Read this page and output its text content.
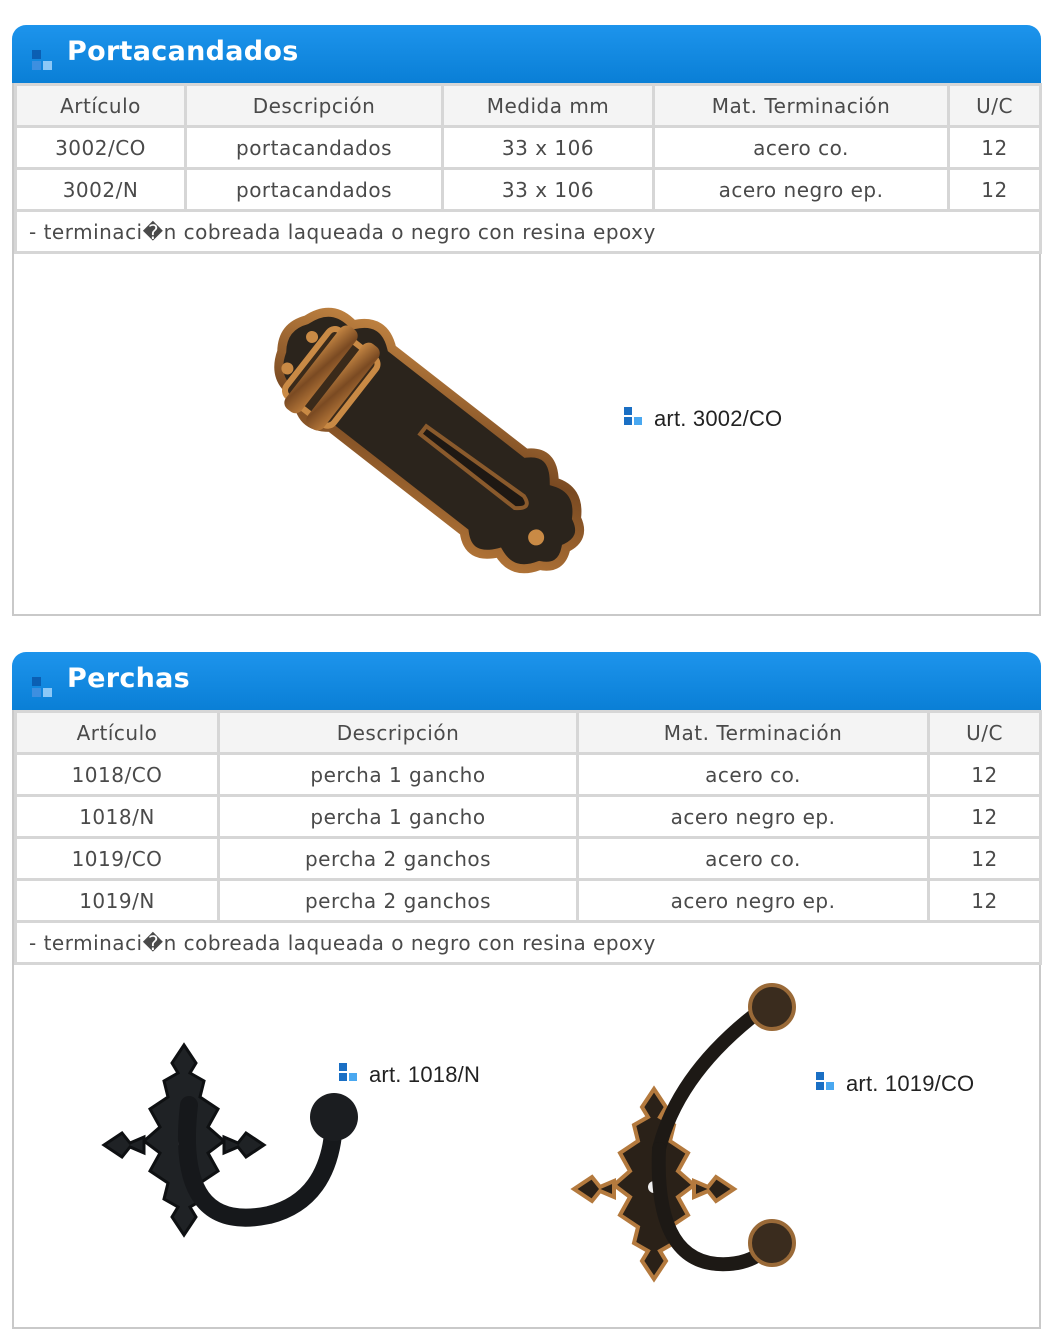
Portacandados
Artículo	Descripción	Medida mm	Mat. Terminación	U/C
3002/CO	portacandados	33 x 106	acero co.	12
3002/N	portacandados	33 x 106	acero negro ep.	12
- terminaci�n cobreada laqueada o negro con resina epoxy				
art. 3002/CO
Perchas
Artículo	Descripción	Mat. Terminación	U/C
1018/CO	percha 1 gancho	acero co.	12
1018/N	percha 1 gancho	acero negro ep.	12
1019/CO	percha 2 ganchos	acero co.	12
1019/N	percha 2 ganchos	acero negro ep.	12
- terminaci�n cobreada laqueada o negro con resina epoxy			
art. 1018/N	art. 1019/CO
